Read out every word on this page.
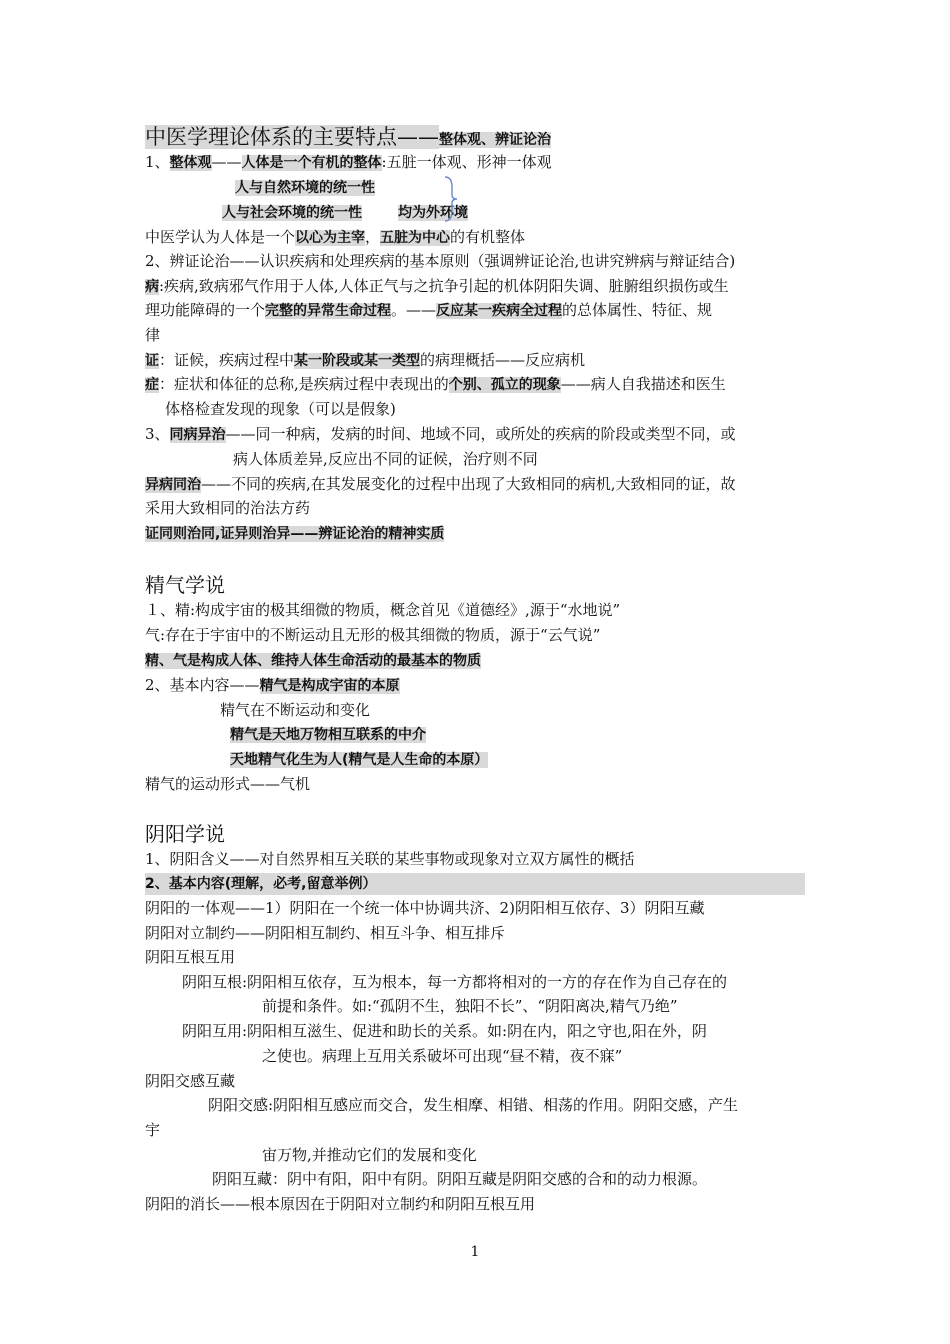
中医学理论体系的主要特点——整体观、辨证论治
1、整体观——人体是一个有机的整体:五脏一体观、形神一体观
人与自然环境的统一性
人与社会环境的统一性	均为外环境
中医学认为人体是一个以心为主宰，五脏为中心的有机整体
2、辨证论治——认识疾病和处理疾病的基本原则（强调辨证论治,也讲究辨病与辩证结合)
病:疾病,致病邪气作用于人体,人体正气与之抗争引起的机体阴阳失调、脏腑组织损伤或生
理功能障碍的一个完整的异常生命过程。——反应某一疾病全过程的总体属性、特征、规
律
证：证候，疾病过程中某一阶段或某一类型的病理概括——反应病机
症：症状和体征的总称,是疾病过程中表现出的个别、孤立的现象——病人自我描述和医生
体格检查发现的现象（可以是假象)
3、同病异治——同一种病，发病的时间、地域不同，或所处的疾病的阶段或类型不同，或
病人体质差异,反应出不同的证候，治疗则不同
异病同治——不同的疾病,在其发展变化的过程中出现了大致相同的病机,大致相同的证，故
采用大致相同的治法方药
证同则治同,证异则治异——辨证论治的精神实质
精气学说
１、精:构成宇宙的极其细微的物质，概念首见《道德经》,源于“水地说”
气:存在于宇宙中的不断运动且无形的极其细微的物质，源于“云气说”
精、气是构成人体、维持人体生命活动的最基本的物质
2、基本内容——精气是构成宇宙的本原
精气在不断运动和变化
精气是天地万物相互联系的中介
天地精气化生为人(精气是人生命的本原）
精气的运动形式——气机
阴阳学说
1、阴阳含义——对自然界相互关联的某些事物或现象对立双方属性的概括
2、基本内容(理解，必考,留意举例）
阴阳的一体观——1）阴阳在一个统一体中协调共济、2)阴阳相互依存、3）阴阳互藏
阴阳对立制约——阴阳相互制约、相互斗争、相互排斥
阴阳互根互用
阴阳互根:阴阳相互依存，互为根本，每一方都将相对的一方的存在作为自己存在的
前提和条件。如:“孤阴不生，独阳不长”、“阴阳离决,精气乃绝”
阴阳互用:阴阳相互滋生、促进和助长的关系。如:阴在内，阳之守也,阳在外，阴
之使也。病理上互用关系破坏可出现“昼不精，夜不寐”
阴阳交感互藏
阴阳交感:阴阳相互感应而交合，发生相摩、相错、相荡的作用。阴阳交感，产生
宇
宙万物,并推动它们的发展和变化
阴阳互藏：阴中有阳，阳中有阴。阴阳互藏是阴阳交感的合和的动力根源。
阴阳的消长——根本原因在于阴阳对立制约和阴阳互根互用
1
